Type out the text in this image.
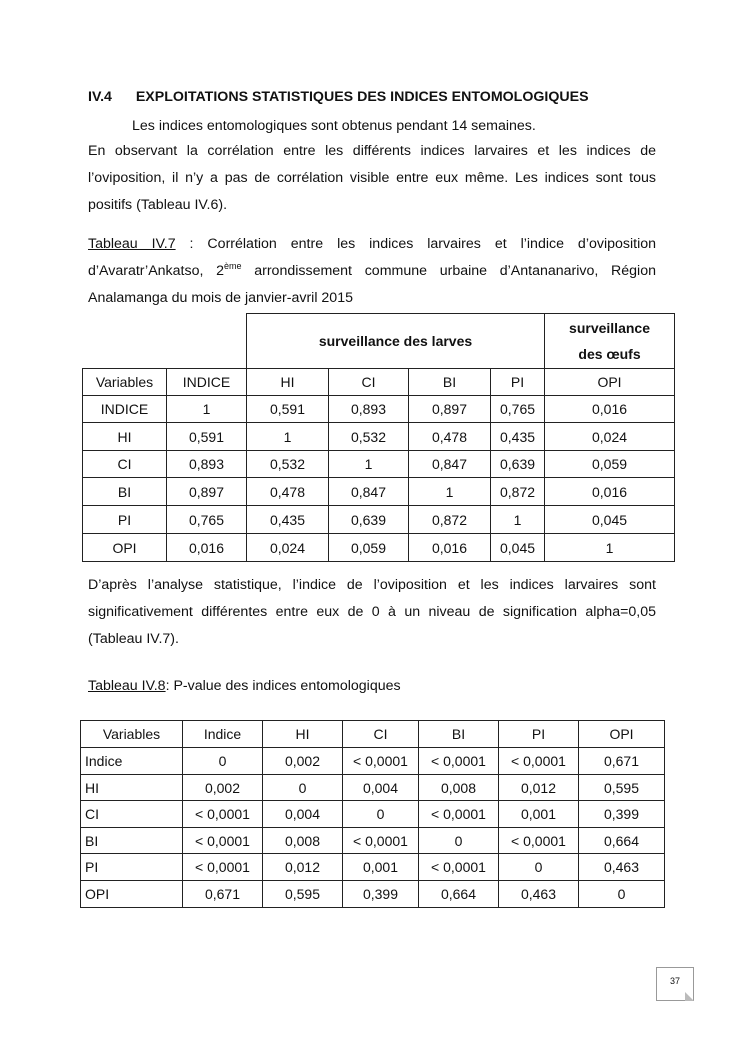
IV.4 EXPLOITATIONS STATISTIQUES DES INDICES ENTOMOLOGIQUES
Les indices entomologiques sont obtenus pendant 14 semaines.

En observant la corrélation entre les différents indices larvaires et les indices de

l’oviposition, il n’y a pas de corrélation visible entre eux même. Les indices sont tous

positifs (Tableau IV.6).

Tableau IV.7 : Corrélation entre les indices larvaires et l’indice d’oviposition

d’Avaratr’Ankatso, 2ème arrondissement commune urbaine d’Antananarivo, Région

Analamanga du mois de janvier-avril 2015

		surveillance des larves				surveillance
des œufs

Variables	INDICE	HI	CI	BI	PI	OPI
INDICE	1	0,591	0,893	0,897	0,765	0,016
HI	0,591	1	0,532	0,478	0,435	0,024
CI	0,893	0,532	1	0,847	0,639	0,059
BI	0,897	0,478	0,847	1	0,872	0,016
PI	0,765	0,435	0,639	0,872	1	0,045
OPI	0,016	0,024	0,059	0,016	0,045	1

D’après l’analyse statistique, l’indice de l’oviposition et les indices larvaires sont

significativement différentes entre eux de 0 à un niveau de signification alpha=0,05

(Tableau IV.7).

Tableau IV.8: P-value des indices entomologiques
Variables	Indice	HI	CI	BI	PI	OPI
Indice	0	0,002	< 0,0001	< 0,0001	< 0,0001	0,671
HI	0,002	0	0,004	0,008	0,012	0,595
CI	< 0,0001	0,004	0	< 0,0001	0,001	0,399
BI	< 0,0001	0,008	< 0,0001	0	< 0,0001	0,664
PI	< 0,0001	0,012	0,001	< 0,0001	0	0,463
OPI	0,671	0,595	0,399	0,664	0,463	0
37
